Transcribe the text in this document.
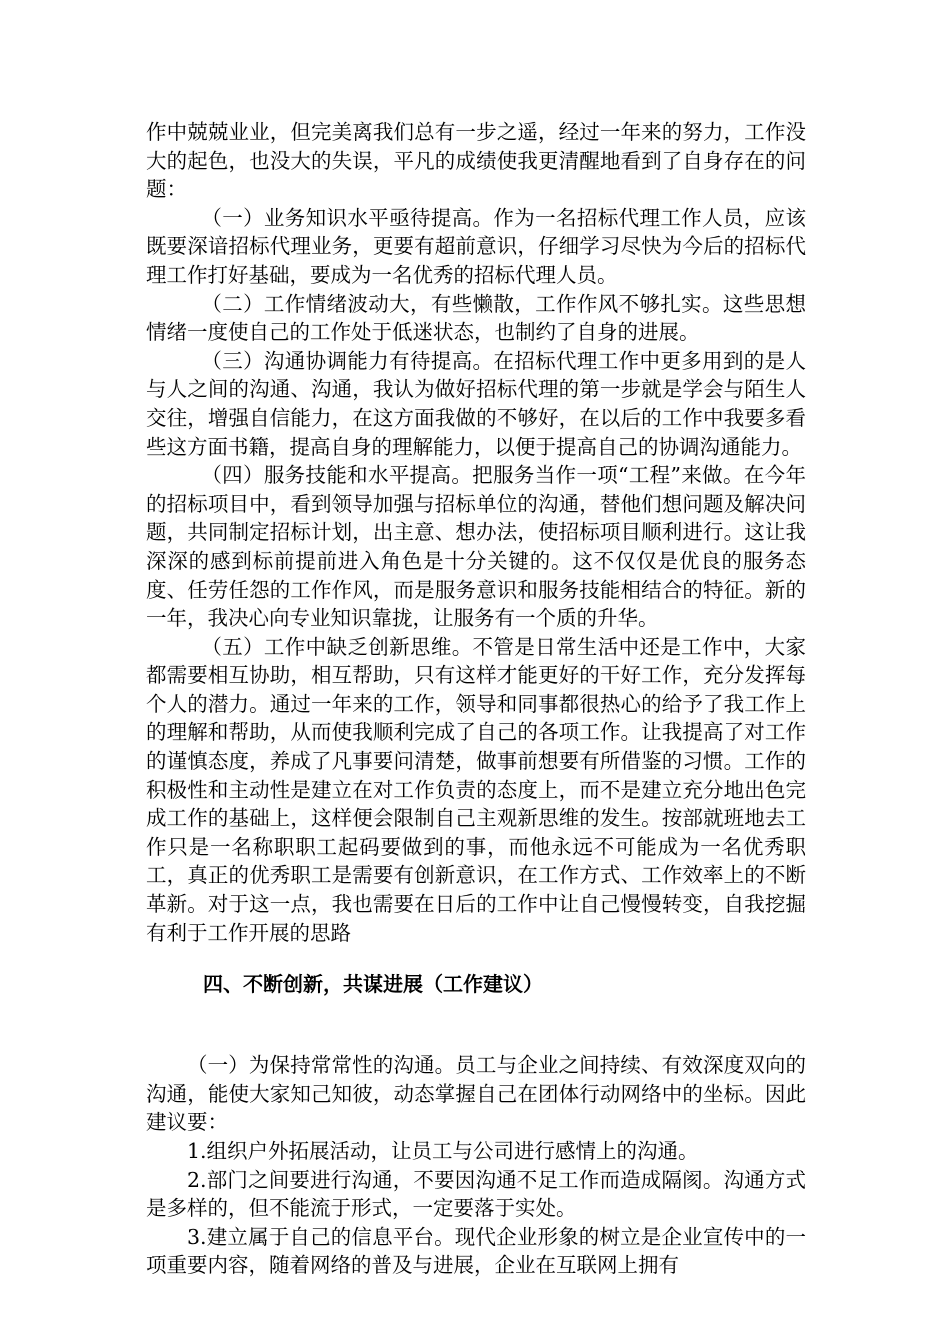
作中兢兢业业，但完美离我们总有一步之遥，经过一年来的努力，工作没大的起色，也没大的失误，平凡的成绩使我更清醒地看到了自身存在的问题：

（一）业务知识水平亟待提高。作为一名招标代理工作人员，应该既要深谙招标代理业务，更要有超前意识，仔细学习尽快为今后的招标代理工作打好基础，要成为一名优秀的招标代理人员。

（二）工作情绪波动大，有些懒散，工作作风不够扎实。这些思想情绪一度使自己的工作处于低迷状态，也制约了自身的进展。

（三）沟通协调能力有待提高。在招标代理工作中更多用到的是人与人之间的沟通、沟通，我认为做好招标代理的第一步就是学会与陌生人交往，增强自信能力，在这方面我做的不够好，在以后的工作中我要多看些这方面书籍，提高自身的理解能力，以便于提高自己的协调沟通能力。

（四）服务技能和水平提高。把服务当作一项“工程”来做。在今年的招标项目中，看到领导加强与招标单位的沟通，替他们想问题及解决问题，共同制定招标计划，出主意、想办法，使招标项目顺利进行。这让我深深的感到标前提前进入角色是十分关键的。这不仅仅是优良的服务态度、任劳任怨的工作作风，而是服务意识和服务技能相结合的特征。新的一年，我决心向专业知识靠拢，让服务有一个质的升华。

（五）工作中缺乏创新思维。不管是日常生活中还是工作中，大家都需要相互协助，相互帮助，只有这样才能更好的干好工作，充分发挥每个人的潜力。通过一年来的工作，领导和同事都很热心的给予了我工作上的理解和帮助，从而使我顺利完成了自己的各项工作。让我提高了对工作的谨慎态度，养成了凡事要问清楚，做事前想要有所借鉴的习惯。工作的积极性和主动性是建立在对工作负责的态度上，而不是建立充分地出色完成工作的基础上，这样便会限制自己主观新思维的发生。按部就班地去工作只是一名称职职工起码要做到的事，而他永远不可能成为一名优秀职工，真正的优秀职工是需要有创新意识，在工作方式、工作效率上的不断革新。对于这一点，我也需要在日后的工作中让自己慢慢转变，自我挖掘有利于工作开展的思路

四、不断创新，共谋进展（工作建议）

（一）为保持常常性的沟通。员工与企业之间持续、有效深度双向的沟通，能使大家知己知彼，动态掌握自己在团体行动网络中的坐标。因此建议要：

1.组织户外拓展活动，让员工与公司进行感情上的沟通。

2.部门之间要进行沟通，不要因沟通不足工作而造成隔阂。沟通方式是多样的，但不能流于形式，一定要落于实处。

3.建立属于自己的信息平台。现代企业形象的树立是企业宣传中的一项重要内容，随着网络的普及与进展，企业在互联网上拥有
